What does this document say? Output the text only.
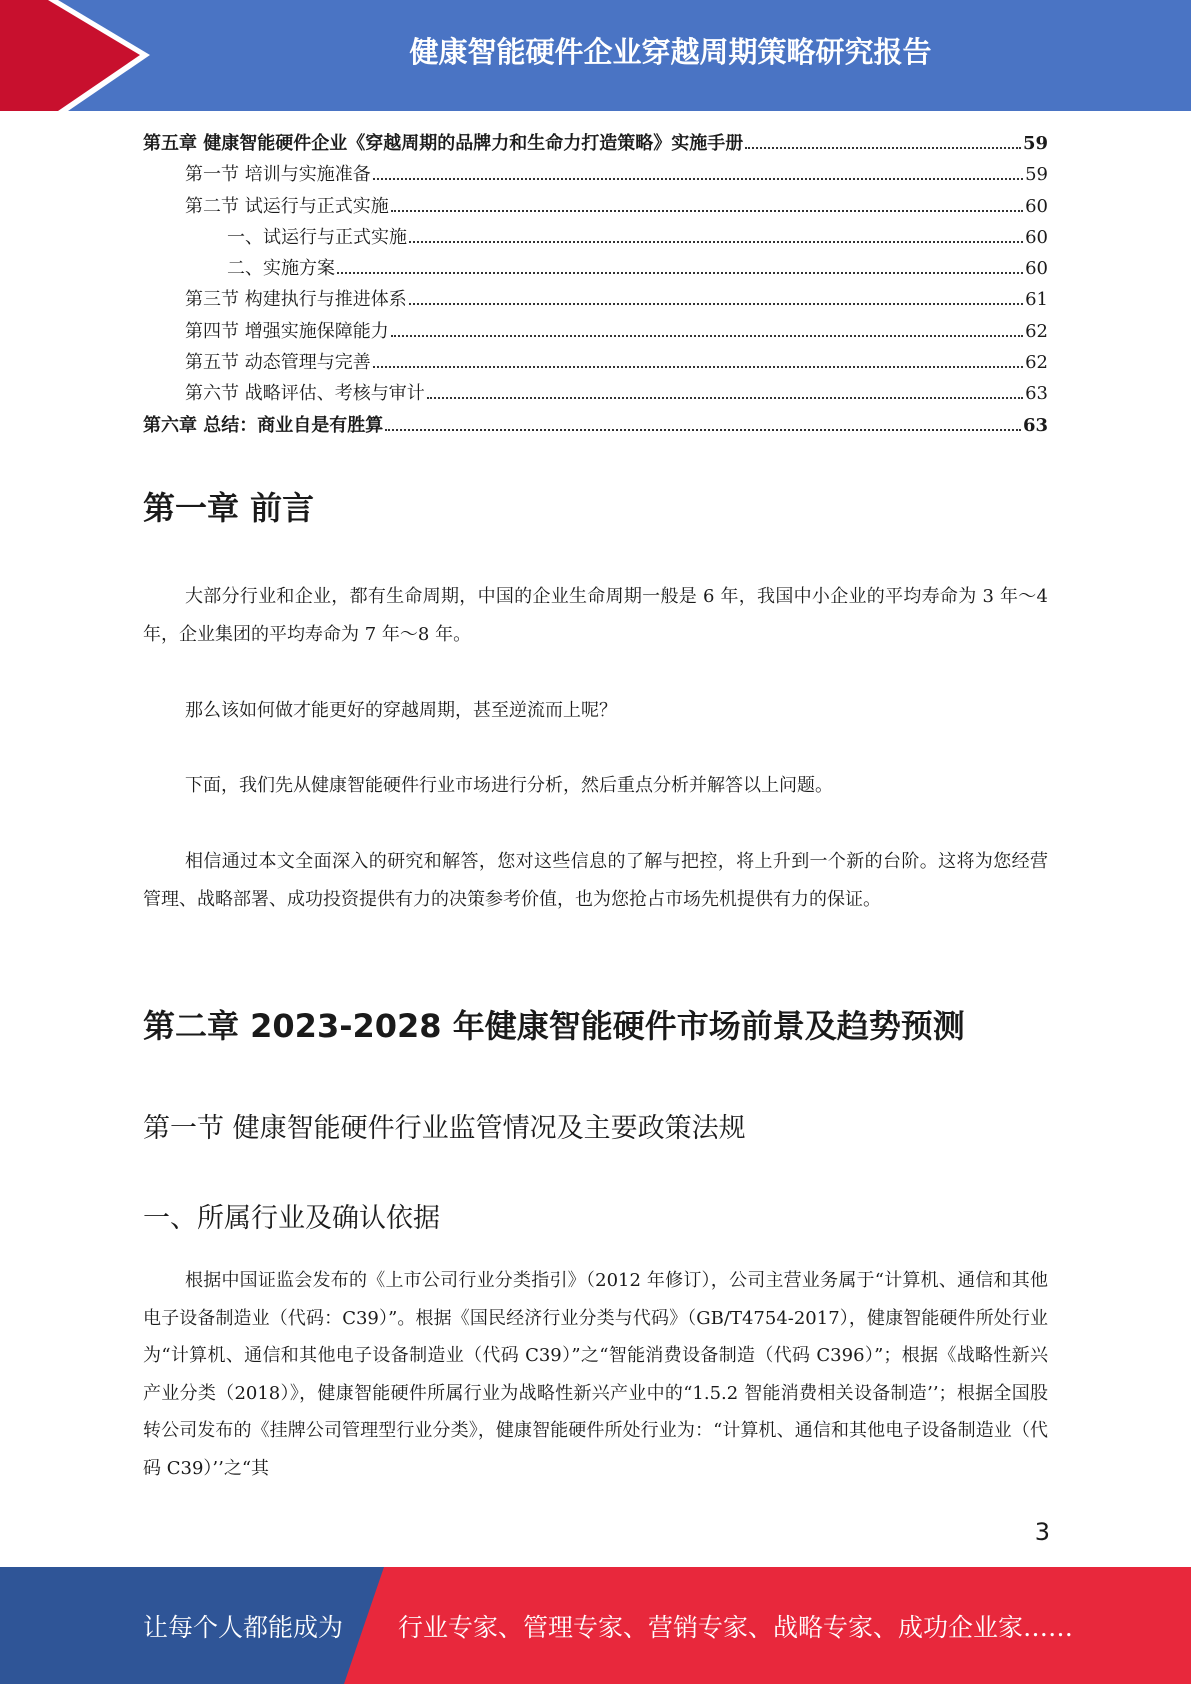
健康智能硬件企业穿越周期策略研究报告
第五章 健康智能硬件企业《穿越周期的品牌力和生命力打造策略》实施手册	59
第一节 培训与实施准备	59
第二节 试运行与正式实施	60
一、试运行与正式实施	60
二、实施方案	60
第三节 构建执行与推进体系	61
第四节 增强实施保障能力	62
第五节 动态管理与完善	62
第六节 战略评估、考核与审计	63
第六章 总结：商业自是有胜算	63
第一章 前言

大部分行业和企业，都有生命周期，中国的企业生命周期一般是 6 年，我国中小企业的平均寿命为 3 年～4 年，企业集团的平均寿命为 7 年～8 年。

那么该如何做才能更好的穿越周期，甚至逆流而上呢？

下面，我们先从健康智能硬件行业市场进行分析，然后重点分析并解答以上问题。

相信通过本文全面深入的研究和解答，您对这些信息的了解与把控，将上升到一个新的台阶。这将为您经营管理、战略部署、成功投资提供有力的决策参考价值，也为您抢占市场先机提供有力的保证。

第二章 2023-2028 年健康智能硬件市场前景及趋势预测
第一节 健康智能硬件行业监管情况及主要政策法规
一、所属行业及确认依据

根据中国证监会发布的《上市公司行业分类指引》（2012 年修订），公司主营业务属于“计算机、通信和其他电子设备制造业（代码：C39）”。根据《国民经济行业分类与代码》（GB/T4754-2017），健康智能硬件所处行业为“计算机、通信和其他电子设备制造业（代码 C39）”之“智能消费设备制造（代码 C396）”；根据《战略性新兴产业分类（2018）》，健康智能硬件所属行业为战略性新兴产业中的“1.5.2 智能消费相关设备制造’’；根据全国股转公司发布的《挂牌公司管理型行业分类》，健康智能硬件所处行业为：“计算机、通信和其他电子设备制造业（代码 C39）’’之“其

3
让每个人都能成为 行业专家、管理专家、营销专家、战略专家、成功企业家……
